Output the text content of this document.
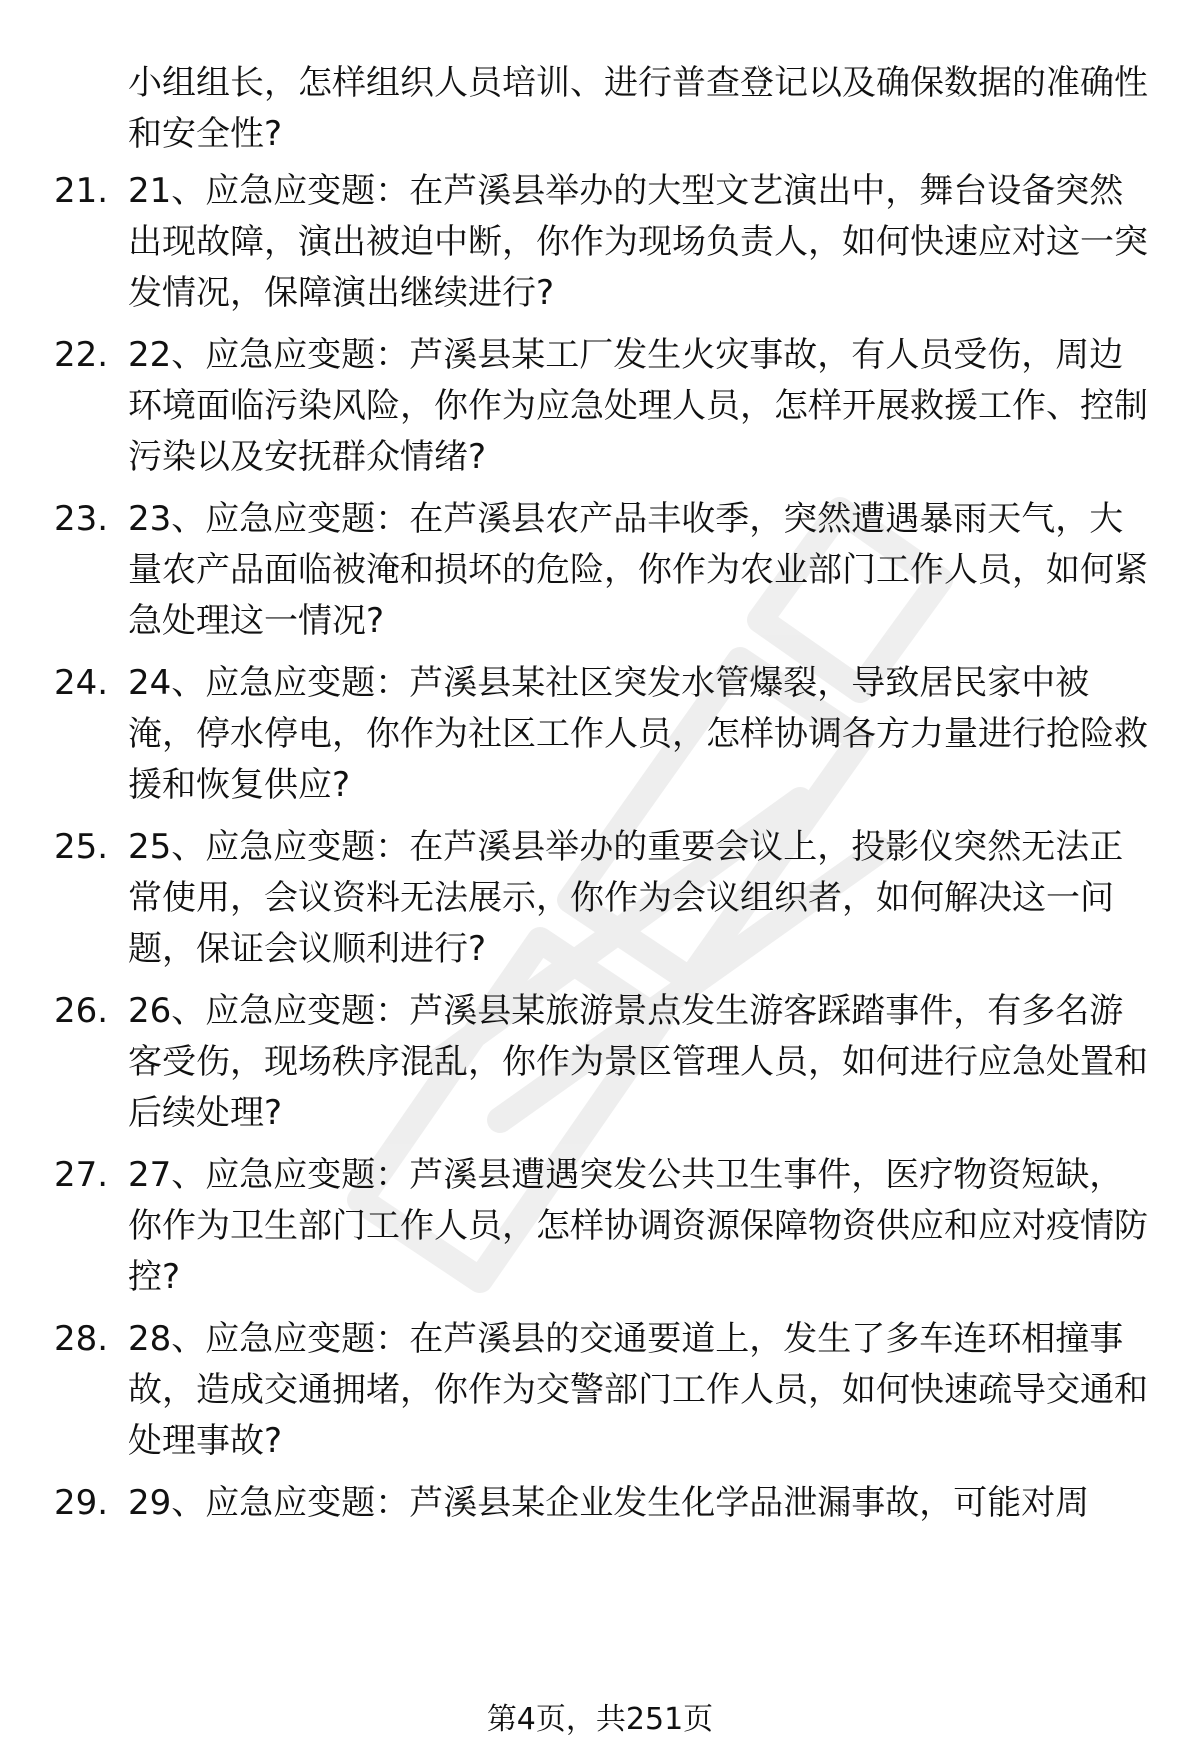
小组组长，怎样组织人员培训、进行普查登记以及确保数据的准确性和安全性?
21. 21、应急应变题：在芦溪县举办的大型文艺演出中，舞台设备突然出现故障，演出被迫中断，你作为现场负责人，如何快速应对这一突发情况，保障演出继续进行?
22. 22、应急应变题：芦溪县某工厂发生火灾事故，有人员受伤，周边环境面临污染风险，你作为应急处理人员，怎样开展救援工作、控制污染以及安抚群众情绪?
23. 23、应急应变题：在芦溪县农产品丰收季，突然遭遇暴雨天气，大量农产品面临被淹和损坏的危险，你作为农业部门工作人员，如何紧急处理这一情况?
24. 24、应急应变题：芦溪县某社区突发水管爆裂，导致居民家中被淹，停水停电，你作为社区工作人员，怎样协调各方力量进行抢险救援和恢复供应?
25. 25、应急应变题：在芦溪县举办的重要会议上，投影仪突然无法正常使用，会议资料无法展示，你作为会议组织者，如何解决这一问题，保证会议顺利进行?
26. 26、应急应变题：芦溪县某旅游景点发生游客踩踏事件，有多名游客受伤，现场秩序混乱，你作为景区管理人员，如何进行应急处置和后续处理?
27. 27、应急应变题：芦溪县遭遇突发公共卫生事件，医疗物资短缺，你作为卫生部门工作人员，怎样协调资源保障物资供应和应对疫情防控?
28. 28、应急应变题：在芦溪县的交通要道上，发生了多车连环相撞事故，造成交通拥堵，你作为交警部门工作人员，如何快速疏导交通和处理事故?
29. 29、应急应变题：芦溪县某企业发生化学品泄漏事故，可能对周
第4页，共251页
